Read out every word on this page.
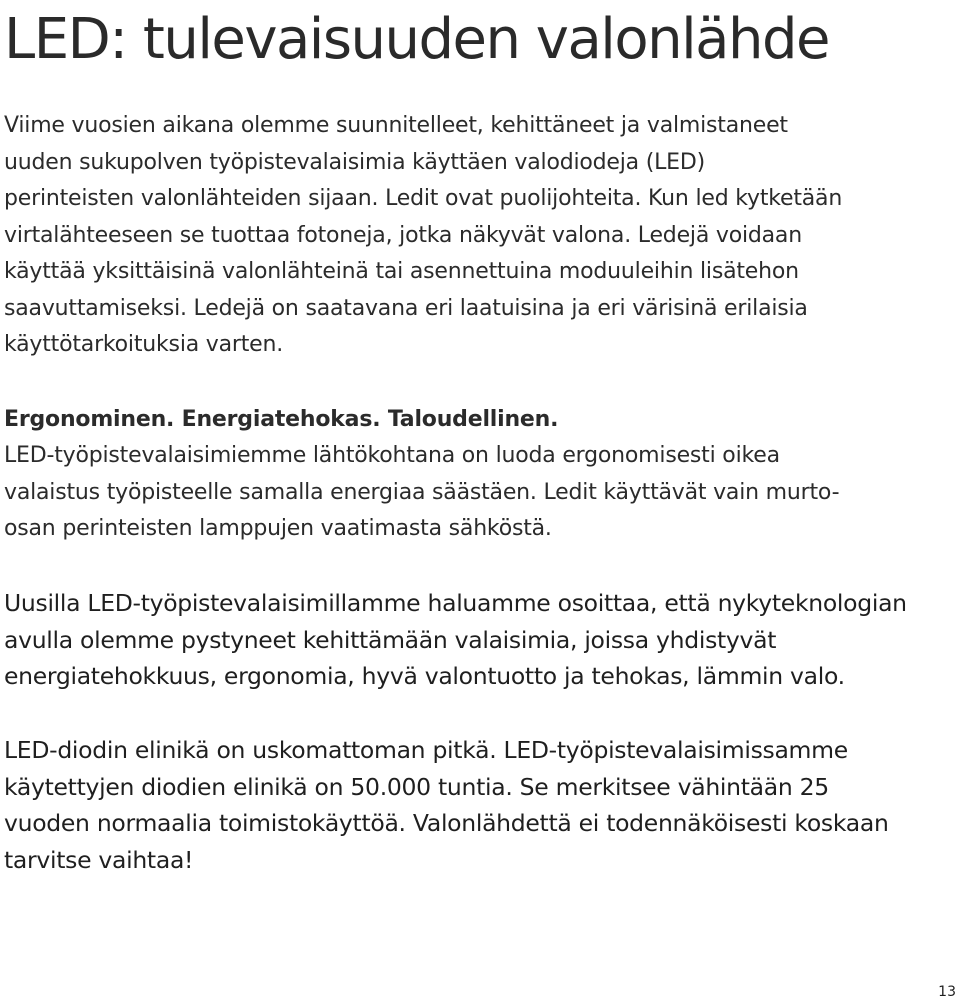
LED: tulevaisuuden valonlähde

Viime vuosien aikana olemme suunnitelleet, kehittäneet ja valmistaneet
uuden sukupolven työpistevalaisimia käyttäen valodiodeja (LED)
perinteisten valonlähteiden sijaan. Ledit ovat puolijohteita. Kun led kytketään
virtalähteeseen se tuottaa fotoneja, jotka näkyvät valona. Ledejä voidaan
käyttää yksittäisinä valonlähteinä tai asennettuina moduuleihin lisätehon
saavuttamiseksi. Ledejä on saatavana eri laatuisina ja eri värisinä erilaisia
käyttötarkoituksia varten.

Ergonominen. Energiatehokas. Taloudellinen.

LED-työpistevalaisimiemme lähtökohtana on luoda ergonomisesti oikea
valaistus työpisteelle samalla energiaa säästäen. Ledit käyttävät vain murto-
osan perinteisten lamppujen vaatimasta sähköstä.

Uusilla LED-työpistevalaisimillamme haluamme osoittaa, että nykyteknologian
avulla olemme pystyneet kehittämään valaisimia, joissa yhdistyvät
energiatehokkuus, ergonomia, hyvä valontuotto ja tehokas, lämmin valo.

LED-diodin elinikä on uskomattoman pitkä. LED-työpistevalaisimissamme
käytettyjen diodien elinikä on 50.000 tuntia. Se merkitsee vähintään 25
vuoden normaalia toimistokäyttöä. Valonlähdettä ei todennäköisesti koskaan
tarvitse vaihtaa!

13
